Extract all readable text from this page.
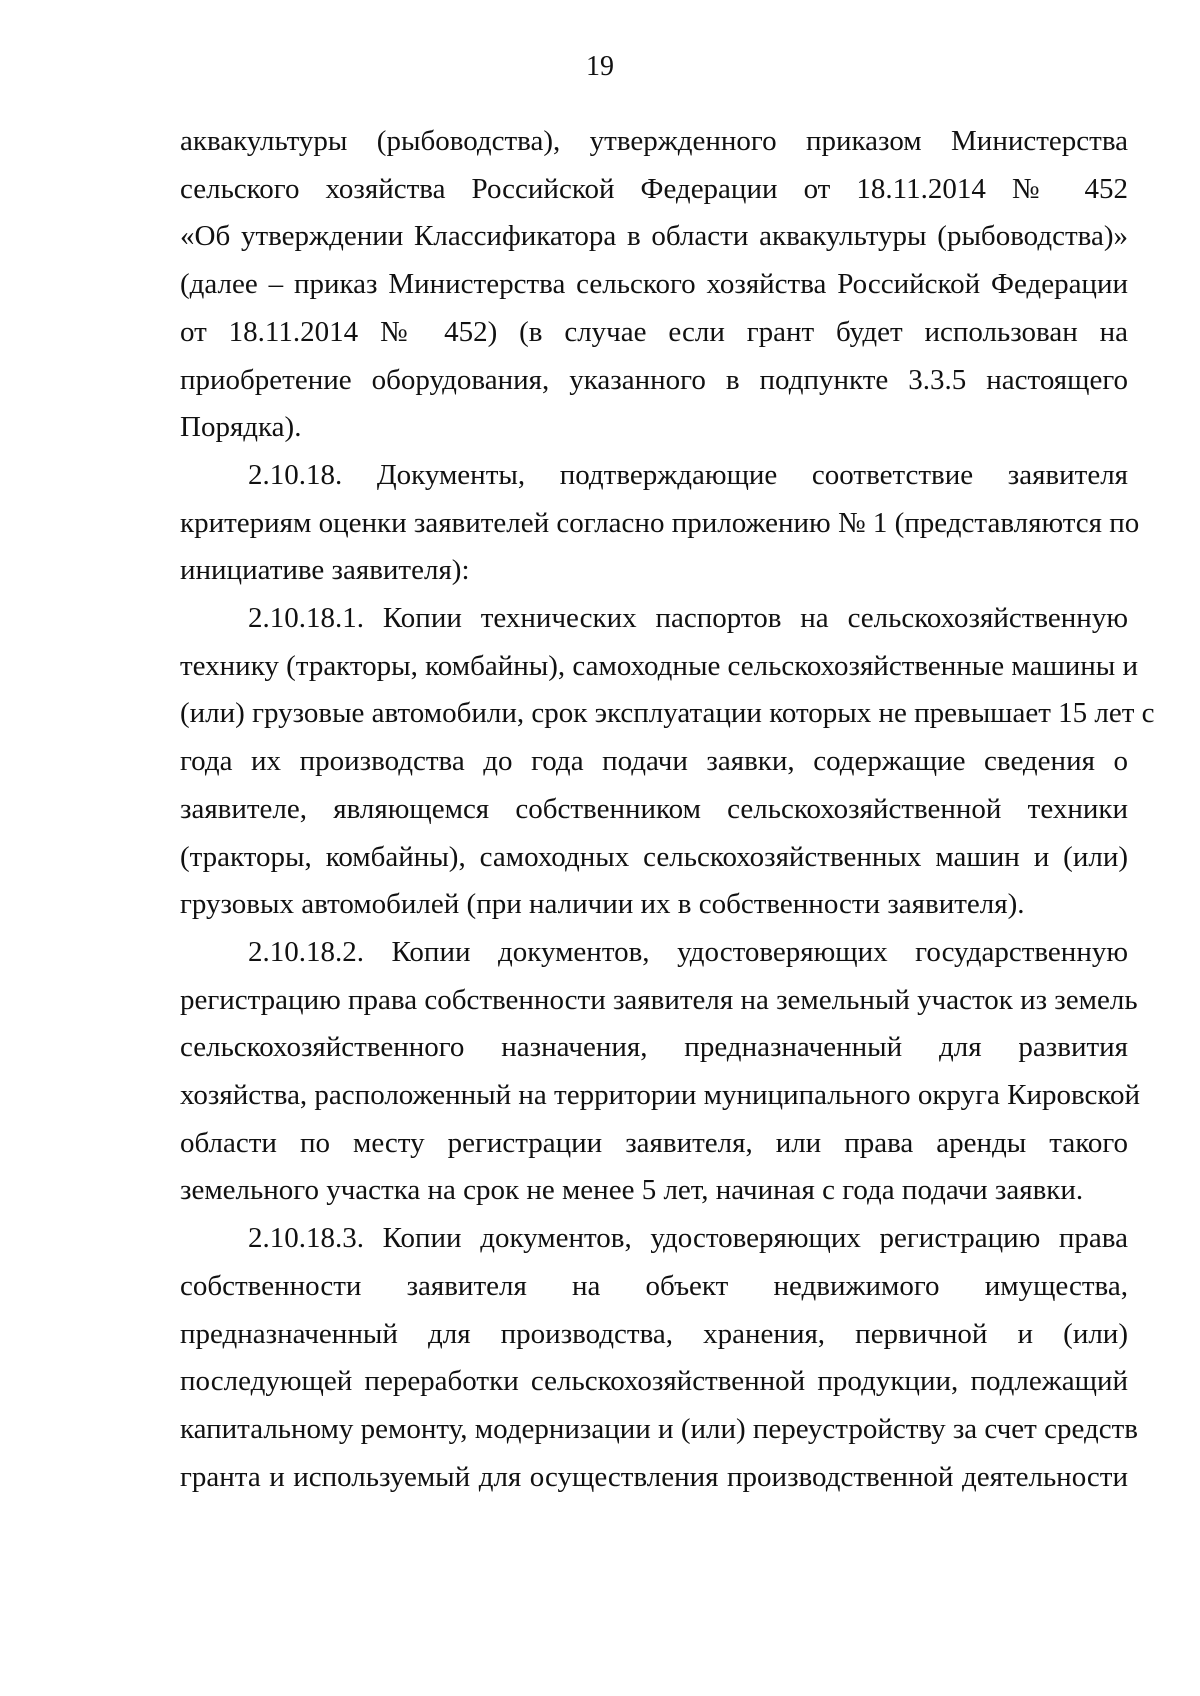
19
аквакультуры (рыбоводства), утвержденного приказом Министерства
сельского хозяйства Российской Федерации от 18.11.2014 № 452
«Об утверждении Классификатора в области аквакультуры (рыбоводства)»
(далее – приказ Министерства сельского хозяйства Российской Федерации
от 18.11.2014 № 452) (в случае если грант будет использован на
приобретение оборудования, указанного в подпункте 3.3.5 настоящего
Порядка).
2.10.18. Документы, подтверждающие соответствие заявителя
критериям оценки заявителей согласно приложению № 1 (представляются по
инициативе заявителя):
2.10.18.1. Копии технических паспортов на сельскохозяйственную
технику (тракторы, комбайны), самоходные сельскохозяйственные машины и
(или) грузовые автомобили, срок эксплуатации которых не превышает 15 лет с
года их производства до года подачи заявки, содержащие сведения о
заявителе, являющемся собственником сельскохозяйственной техники
(тракторы, комбайны), самоходных сельскохозяйственных машин и (или)
грузовых автомобилей (при наличии их в собственности заявителя).
2.10.18.2. Копии документов, удостоверяющих государственную
регистрацию права собственности заявителя на земельный участок из земель
сельскохозяйственного назначения, предназначенный для развития
хозяйства, расположенный на территории муниципального округа Кировской
области по месту регистрации заявителя, или права аренды такого
земельного участка на срок не менее 5 лет, начиная с года подачи заявки.
2.10.18.3. Копии документов, удостоверяющих регистрацию права
собственности заявителя на объект недвижимого имущества,
предназначенный для производства, хранения, первичной и (или)
последующей переработки сельскохозяйственной продукции, подлежащий
капитальному ремонту, модернизации и (или) переустройству за счет средств
гранта и используемый для осуществления производственной деятельности
